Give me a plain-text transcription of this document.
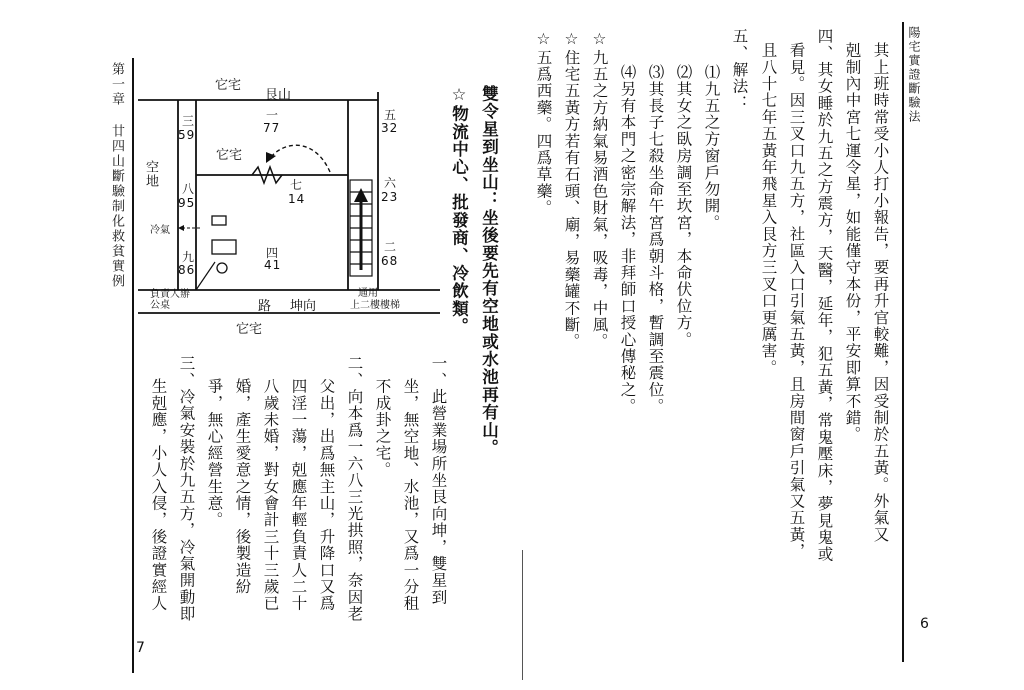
陽宅實證斷驗法
6
其上班時常受小人打小報告，要再升官較難，因受制於五黃。外氣又
剋制內中宮七運令星，如能僅守本份，平安即算不錯。
四、其女睡於九五之方震方，天醫，延年，犯五黃，常鬼壓床，夢見鬼或
看見。因三叉口九五方，社區入口引氣五黃，且房間窗戶引氣又五黃，
且八十七年五黃年飛星入艮方三叉口更厲害。
五、解法：
⑴九五之方窗戶勿開。
⑵其女之臥房調至坎宮，本命伏位方。
⑶其長子七殺坐命午宮爲朝斗格，暫調至震位。
⑷另有本門之密宗解法，非拜師口授心傳秘之。
☆九五之方納氣易酒色財氣，吸毒，中風。
☆住宅五黃方若有石頭、廟，易藥罐不斷。
☆五爲西藥。四爲草藥。
第一章 廿四山斷驗制化救貧實例
7
雙令星到坐山：坐後要先有空地或水池再有山。
☆物流中心、批發商、冷飲類。
一、此營業場所坐艮向坤，雙星到
坐，無空地、水池，又爲一分租
不成卦之宅。
二、向本爲一六八三光拱照，奈因老
父出，出爲無主山，升降口又爲
四淫一蕩，剋應年輕負責人二十
八歲未婚，對女會計三十三歲已
婚，產生愛意之情，後製造紛
爭，無心經營生意。
三、冷氣安裝於九五方，冷氣開動即
生剋應，小人入侵，後證實經人
它宅
艮山
空地
路 坤向
它宅
它宅
冷氣
負責人辦公桌
通用
上二樓樓梯
一
77
二
68
三
59
四
41
五
32
六
23
七
14
八
95
九
86
